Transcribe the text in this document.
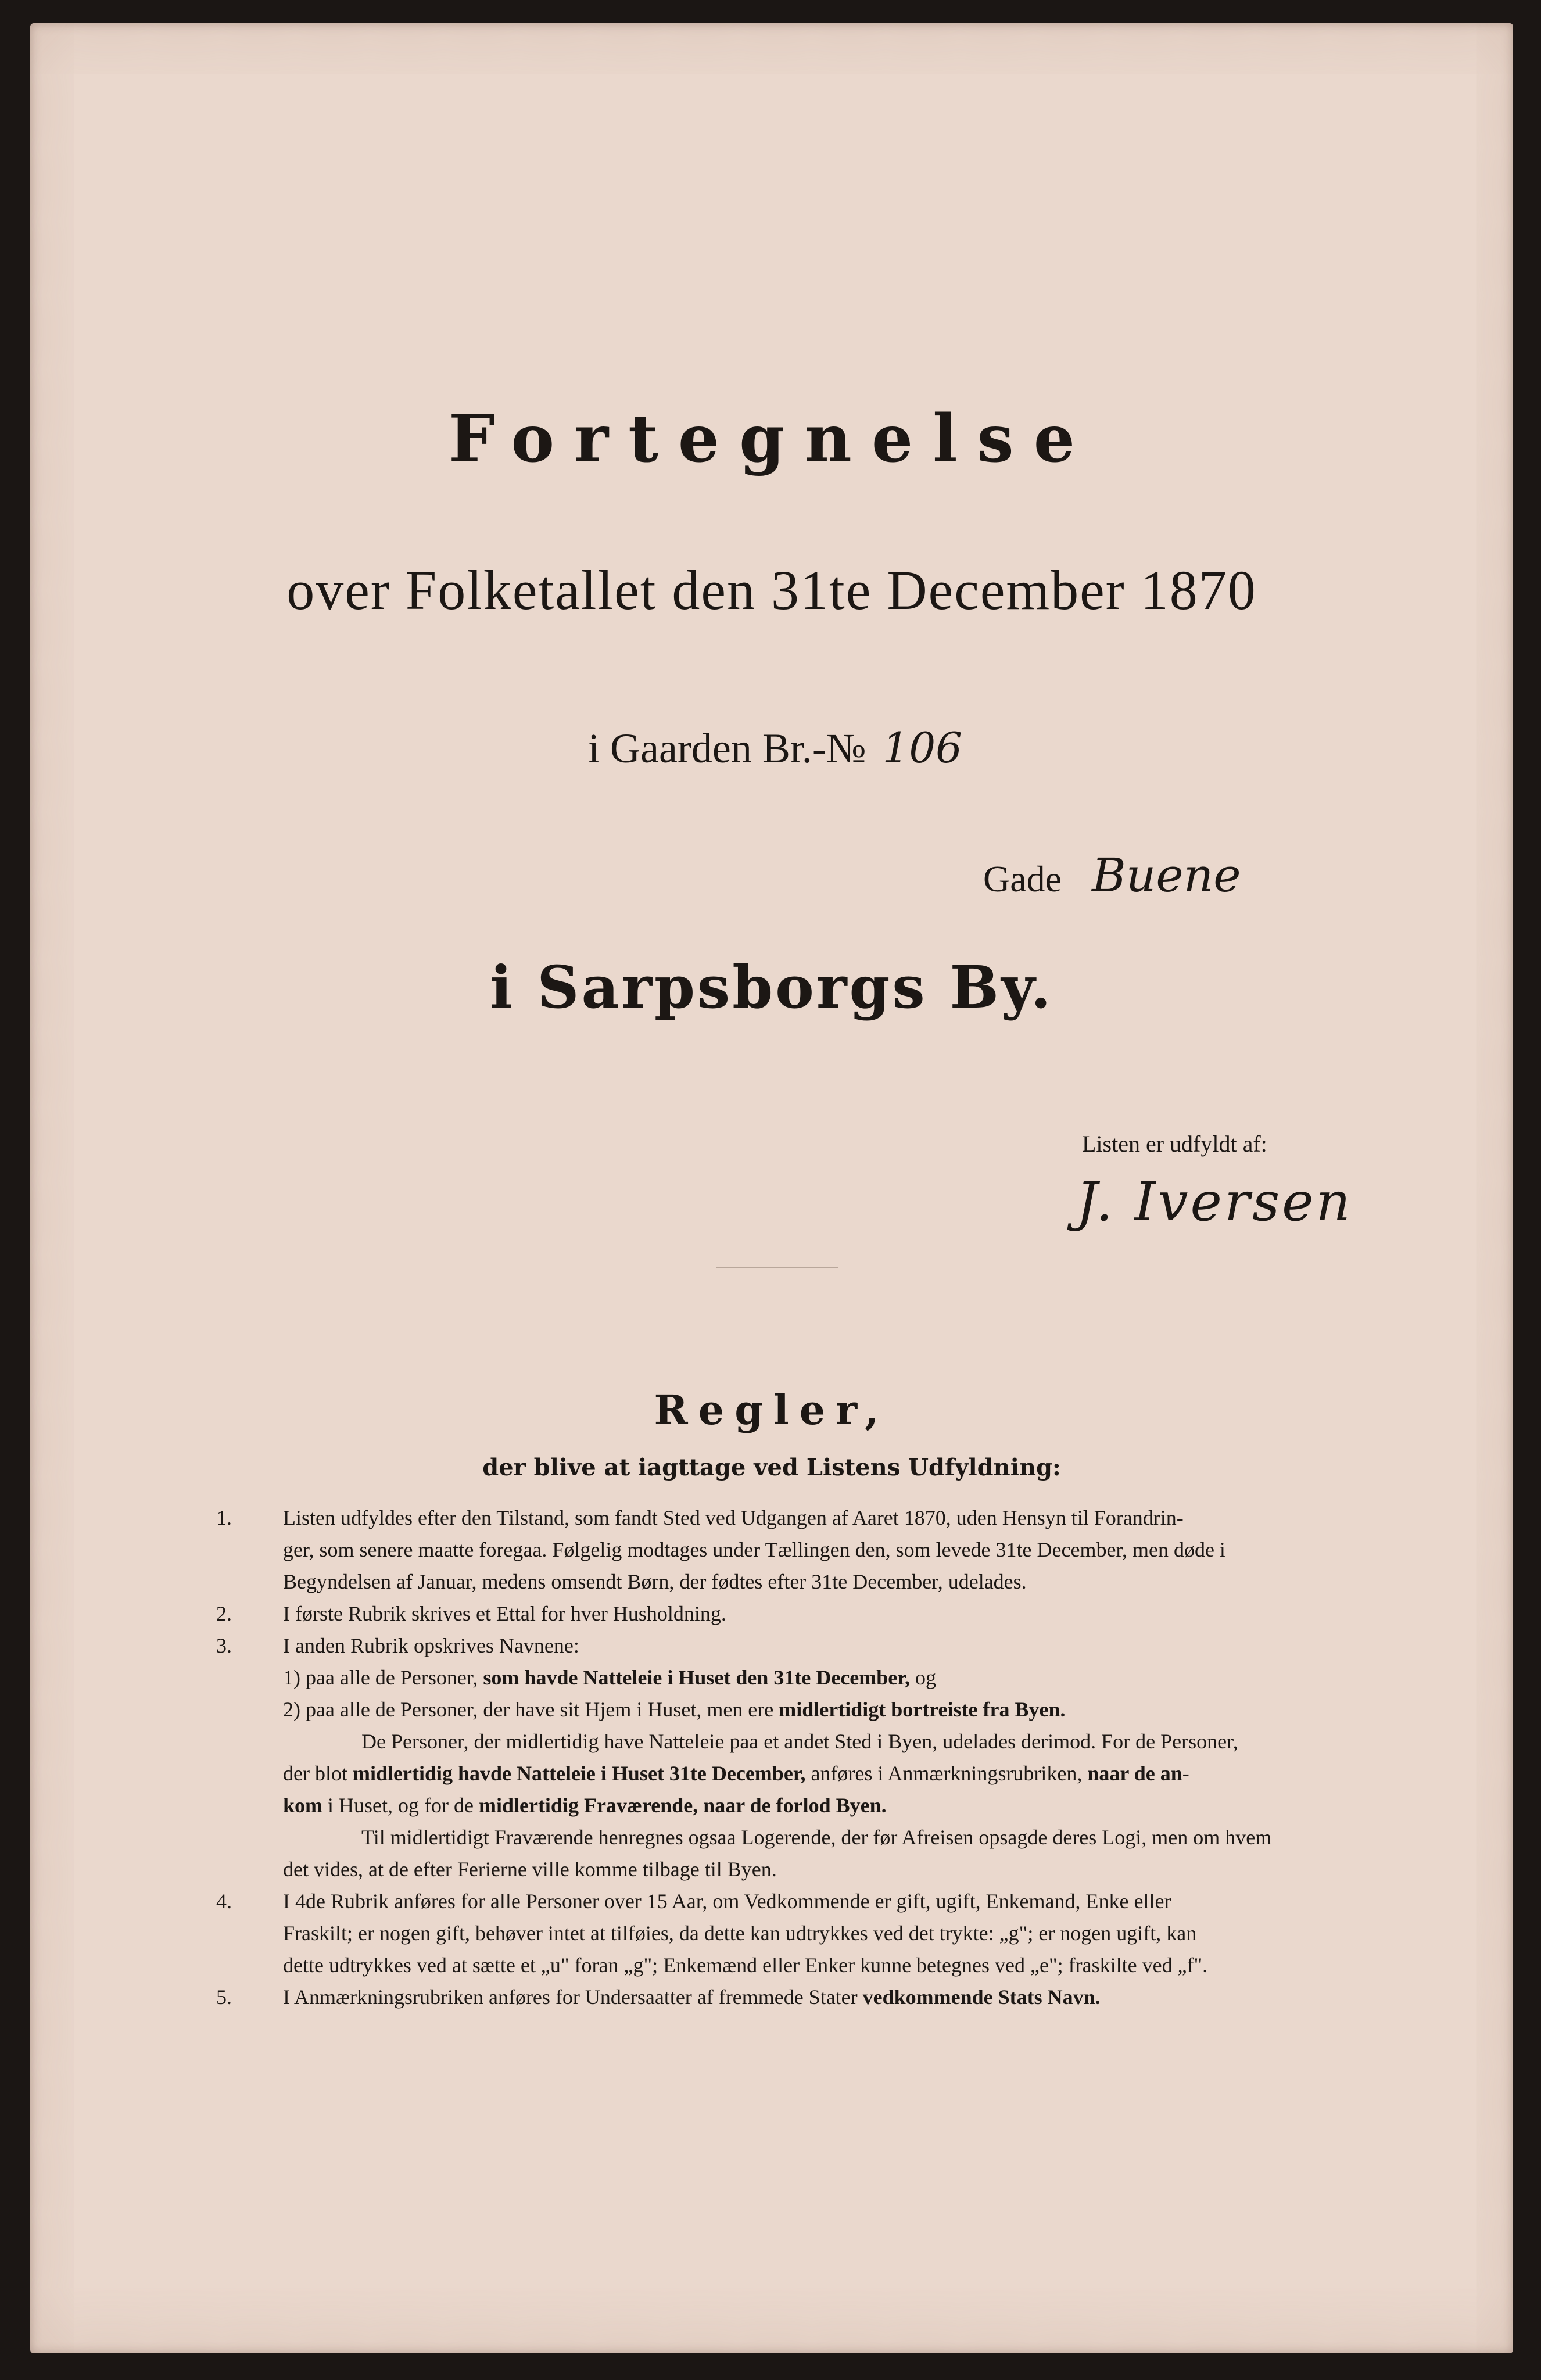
Fortegnelse
over Folketallet den 31te December 1870
i Gaarden Br.-№ 106
Gade Buene
i Sarpsborgs By.
Listen er udfyldt af:
J. Iversen
Regler,
der blive at iagttage ved Listens Udfyldning:
1. Listen udfyldes efter den Tilstand, som fandt Sted ved Udgangen af Aaret 1870, uden Hensyn til Forandrin-
ger, som senere maatte foregaa. Følgelig modtages under Tællingen den, som levede 31te December, men døde i
Begyndelsen af Januar, medens omsendt Børn, der fødtes efter 31te December, udelades.
2. I første Rubrik skrives et Ettal for hver Husholdning.
3. I anden Rubrik opskrives Navnene:
1) paa alle de Personer, som havde Natteleie i Huset den 31te December, og
2) paa alle de Personer, der have sit Hjem i Huset, men ere midlertidigt bortreiste fra Byen.
De Personer, der midlertidig have Natteleie paa et andet Sted i Byen, udelades derimod. For de Personer,
der blot midlertidig havde Natteleie i Huset 31te December, anføres i Anmærkningsrubriken, naar de an-
kom i Huset, og for de midlertidig Fraværende, naar de forlod Byen.
Til midlertidigt Fraværende henregnes ogsaa Logerende, der før Afreisen opsagde deres Logi, men om hvem
det vides, at de efter Ferierne ville komme tilbage til Byen.
4. I 4de Rubrik anføres for alle Personer over 15 Aar, om Vedkommende er gift, ugift, Enkemand, Enke eller
Fraskilt; er nogen gift, behøver intet at tilføies, da dette kan udtrykkes ved det trykte: „g"; er nogen ugift, kan
dette udtrykkes ved at sætte et „u" foran „g"; Enkemænd eller Enker kunne betegnes ved „e"; fraskilte ved „f".
5. I Anmærkningsrubriken anføres for Undersaatter af fremmede Stater vedkommende Stats Navn.
